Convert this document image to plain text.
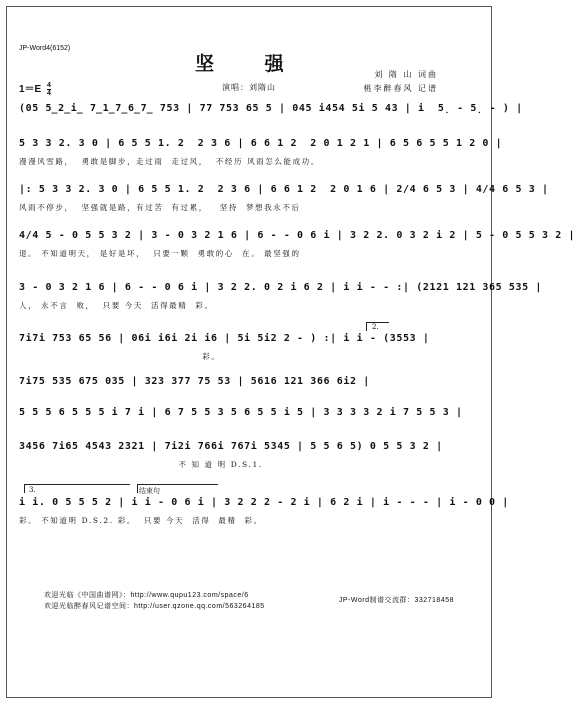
JP-Word4(6152)
坚 强	刘 隋 山 词曲
桃李醉春风 记谱
$1=E \frac{4}{4}$	演唱：刘隋山
(05 5̲2̲i̲ 7̲1̲7̲6̲7̲ 753 | 77 753 65 5 | 045 i454 5i 5 43 | i  5̣ - 5̣ - ) |
5 3 3 2. 3 0 | 6 5 5 1. 2  2 3 6 | 6 6 1 2  2 0 1 2 1 | 6 5 6 5 5 1 2 0 |
漫漫风雪路，  勇敢是脚步，走过雨  走过风，  不经历 风雨怎么能成功。
|: 5 3 3 2. 3 0 | 6 5 5 1. 2  2 3 6 | 6 6 1 2  2 0 1 6 | 2/4 6 5 3 | 4/4 6 5 3 |
风雨不停步，  坚强就是路，有过苦  有过累，   坚持  梦想我永不后
4/4 5 - 0 5 5 3 2 | 3 - 0 3 2 1 6 | 6 - - 0 6 i | 3 2 2. 0 3 2 i 2 | 5 - 0 5 5 3 2 |
退。 不知道明天， 是好是坏，  只要一颗  勇敢的心  在。 最坚强的
3 - 0 3 2 1 6 | 6 - - 0 6 i | 3 2 2. 0 2 i 6 2 | i i - - :| (2121 121 365 535 |
人， 永不言  败，  只要 今天  活得最精  彩。
7i7i 753 65 56 | 06i i6i 2i i6 | 5i 5i2 2 - ) :| i i - (3553 |
彩。
2.
7i75 535 675 035 | 323 377 75 53 | 5616 121 366 6i2 |
5 5 5 6 5 5 5 i 7 i | 6 7 5 5 3 5 6 5 5 i 5 | 3 3 3 3 2 i 7 5 5 3 |
3456 7i65 4543 2321 | 7i2i 766i 767i 5345 | 5 5 6 5) 0 5 5 3 2 |
不 知 道 明 D.S.1.
3.	结束句
i i. 0 5 5 5 2 | i i - 0 6 i | 3 2 2 2 - 2 i | 6 2 i | i - - - | i - 0 0 |
彩。 不知道明 D.S.2. 彩。  只要 今天  活得  最精  彩。
欢迎光临《中国曲谱网》：http://www.qupu123.com/space/6
欢迎光临醉春风记谱空间：http://user.qzone.qq.com/563264185
JP-Word制谱交流群：332718458
